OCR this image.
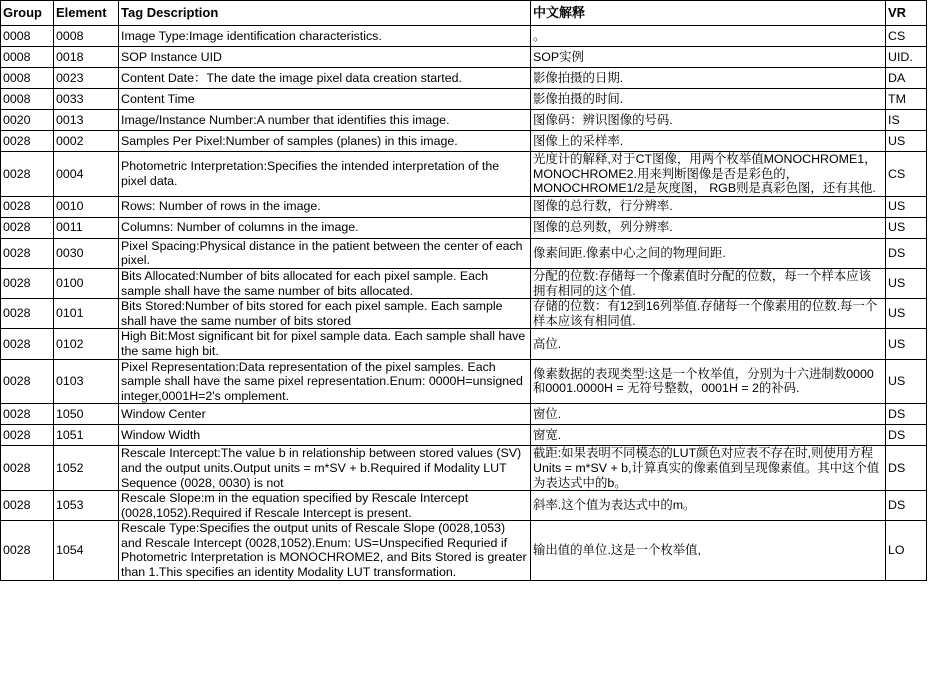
Group	Element	Tag Description	中文解释	VR
0008	0008	Image Type:Image identification characteristics.	。	CS
0008	0018	SOP Instance UID	SOP实例	UID.
0008	0023	Content Date：The date the image pixel data creation started.	影像拍摄的日期.	DA
0008	0033	Content Time	影像拍摄的时间.	TM
0020	0013	Image/Instance Number:A number that identifies this image.	图像码：辨识图像的号码.	IS
0028	0002	Samples Per Pixel:Number of samples (planes) in this image.	图像上的采样率.	US
0028	0004	Photometric Interpretation:Specifies the intended interpretation of the pixel data.	光度计的解释,对于CT图像，用两个枚举值MONOCHROME1，MONOCHROME2.用来判断图像是否是彩色的，MONOCHROME1/2是灰度图， RGB则是真彩色图，还有其他.	CS
0028	0010	Rows: Number of rows in the image.	图像的总行数，行分辨率.	US
0028	0011	Columns: Number of columns in the image.	图像的总列数，列分辨率.	US
0028	0030	Pixel Spacing:Physical distance in the patient between the center of each pixel.	像素间距.像素中心之间的物理间距.	DS
0028	0100	Bits Allocated:Number of bits allocated for each pixel sample. Each sample shall have the same number of bits allocated.	分配的位数:存储每一个像素值时分配的位数，每一个样本应该拥有相同的这个值.	US
0028	0101	Bits Stored:Number of bits stored for each pixel sample. Each sample shall have the same number of bits stored	存储的位数：有12到16列举值.存储每一个像素用的位数.每一个样本应该有相同值.	US
0028	0102	High Bit:Most significant bit for pixel sample data. Each sample shall have the same high bit.	高位.	US
0028	0103	Pixel Representation:Data representation of the pixel samples. Each sample shall have the same pixel representation.Enum: 0000H=unsigned integer,0001H=2's omplement.	像素数据的表现类型:这是一个枚举值，分别为十六进制数0000和0001.0000H = 无符号整数，0001H = 2的补码.	US
0028	1050	Window Center	窗位.	DS
0028	1051	Window Width	窗宽.	DS
0028	1052	Rescale Intercept:The value b in relationship between stored values (SV) and the output units.Output units = m*SV + b.Required if Modality LUT Sequence (0028, 0030) is not	截距:如果表明不同模态的LUT颜色对应表不存在时,则使用方程Units = m*SV + b,计算真实的像素值到呈现像素值。其中这个值为表达式中的b。	DS
0028	1053	Rescale Slope:m in the equation specified by Rescale Intercept (0028,1052).Required if Rescale Intercept is present.	斜率.这个值为表达式中的m。	DS
0028	1054	Rescale Type:Specifies the output units of Rescale Slope (0028,1053) and Rescale Intercept (0028,1052).Enum: US=Unspecified Requried if Photometric Interpretation is MONOCHROME2, and Bits Stored is greater than 1.This specifies an identity Modality LUT transformation.	输出值的单位.这是一个枚举值,	LO
